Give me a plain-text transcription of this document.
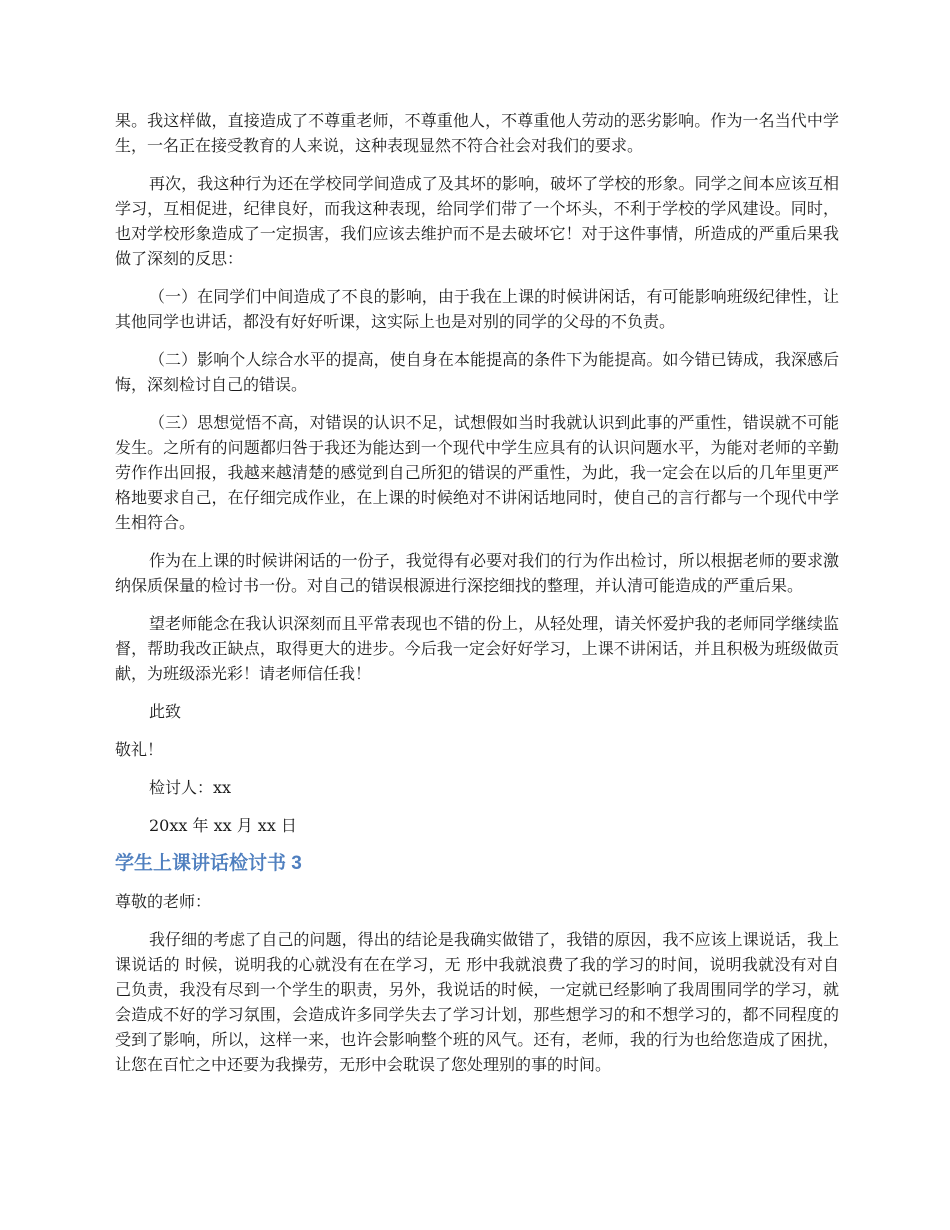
果。我这样做，直接造成了不尊重老师，不尊重他人，不尊重他人劳动的恶劣影响。作为一名当代中学生，一名正在接受教育的人来说，这种表现显然不符合社会对我们的要求。

再次，我这种行为还在学校同学间造成了及其坏的影响，破坏了学校的形象。同学之间本应该互相学习，互相促进，纪律良好，而我这种表现，给同学们带了一个坏头，不利于学校的学风建设。同时，也对学校形象造成了一定损害，我们应该去维护而不是去破坏它！对于这件事情，所造成的严重后果我做了深刻的反思：

（一）在同学们中间造成了不良的影响，由于我在上课的时候讲闲话，有可能影响班级纪律性，让其他同学也讲话，都没有好好听课，这实际上也是对别的同学的父母的不负责。

（二）影响个人综合水平的提高，使自身在本能提高的条件下为能提高。如今错已铸成，我深感后悔，深刻检讨自己的错误。

（三）思想觉悟不高，对错误的认识不足，试想假如当时我就认识到此事的严重性，错误就不可能发生。之所有的问题都归咎于我还为能达到一个现代中学生应具有的认识问题水平，为能对老师的辛勤劳作作出回报，我越来越清楚的感觉到自己所犯的错误的严重性，为此，我一定会在以后的几年里更严格地要求自己，在仔细完成作业，在上课的时候绝对不讲闲话地同时，使自己的言行都与一个现代中学生相符合。

作为在上课的时候讲闲话的一份子，我觉得有必要对我们的行为作出检讨，所以根据老师的要求激纳保质保量的检讨书一份。对自己的错误根源进行深挖细找的整理，并认清可能造成的严重后果。

望老师能念在我认识深刻而且平常表现也不错的份上，从轻处理，请关怀爱护我的老师同学继续监督，帮助我改正缺点，取得更大的进步。今后我一定会好好学习，上课不讲闲话，并且积极为班级做贡献，为班级添光彩！请老师信任我！

此致

敬礼！

检讨人：xx

20xx 年 xx 月 xx 日

学生上课讲话检讨书 3

尊敬的老师：

我仔细的考虑了自己的问题，得出的结论是我确实做错了，我错的原因，我不应该上课说话，我上课说话的 时候，说明我的心就没有在在学习，无 形中我就浪费了我的学习的时间，说明我就没有对自己负责，我没有尽到一个学生的职责，另外，我说话的时候，一定就已经影响了我周围同学的学习，就会造成不好的学习氛围，会造成许多同学失去了学习计划，那些想学习的和不想学习的，都不同程度的受到了影响，所以，这样一来，也许会影响整个班的风气。还有，老师，我的行为也给您造成了困扰，让您在百忙之中还要为我操劳，无形中会耽误了您处理别的事的时间。
